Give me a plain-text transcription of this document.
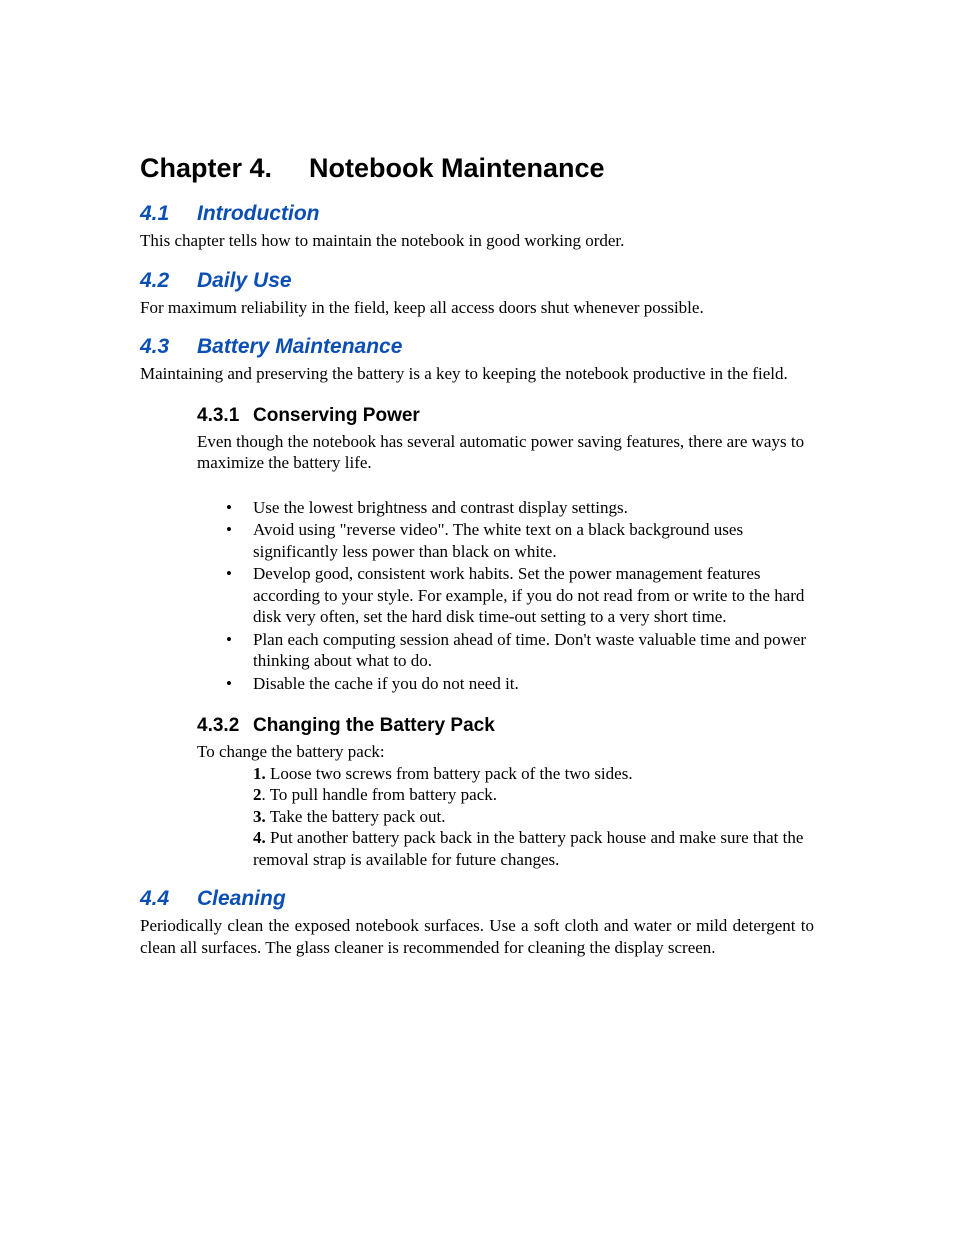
Chapter 4. Notebook Maintenance
4.1 Introduction

This chapter tells how to maintain the notebook in good working order.

4.2 Daily Use

For maximum reliability in the field, keep all access doors shut whenever possible.

4.3 Battery Maintenance

Maintaining and preserving the battery is a key to keeping the notebook productive in the field.

4.3.1 Conserving Power

Even though the notebook has several automatic power saving features, there are ways to maximize the battery life.

• Use the lowest brightness and contrast display settings.
• Avoid using "reverse video". The white text on a black background uses significantly less power than black on white.
• Develop good, consistent work habits. Set the power management features according to your style. For example, if you do not read from or write to the hard disk very often, set the hard disk time-out setting to a very short time.
• Plan each computing session ahead of time. Don't waste valuable time and power thinking about what to do.
• Disable the cache if you do not need it.
4.3.2 Changing the Battery Pack

To change the battery pack:

1. Loose two screws from battery pack of the two sides.
2. To pull handle from battery pack.
3. Take the battery pack out.
4. Put another battery pack back in the battery pack house and make sure that the removal strap is available for future changes.
4.4 Cleaning

Periodically clean the exposed notebook surfaces. Use a soft cloth and water or mild detergent to clean all surfaces. The glass cleaner is recommended for cleaning the display screen.
